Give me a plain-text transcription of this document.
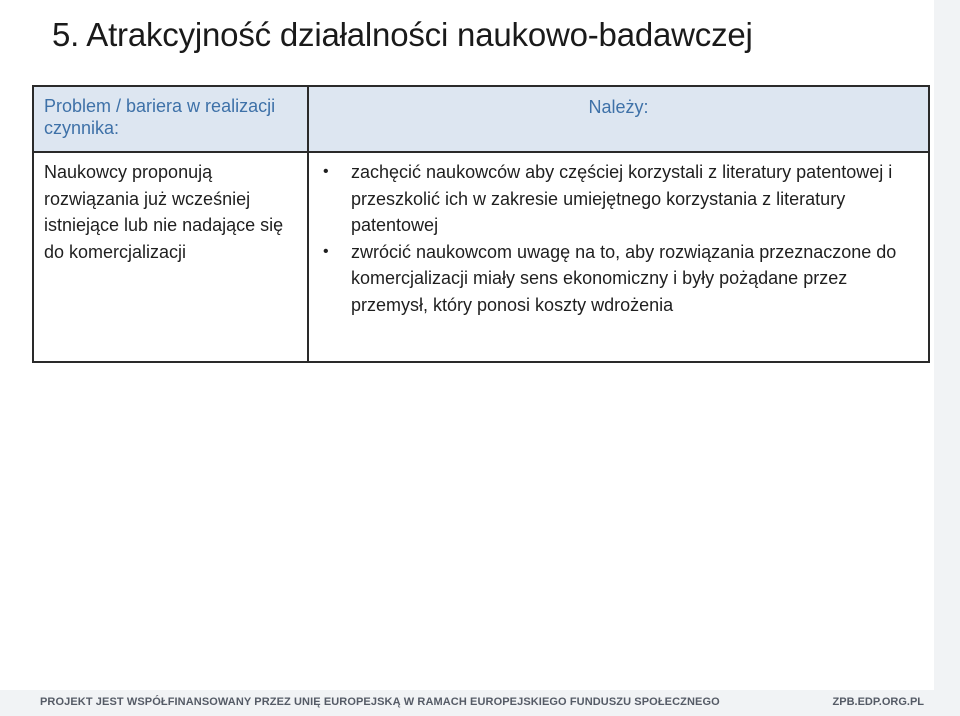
5. Atrakcyjność działalności naukowo-badawczej
Problem / bariera w realizacji czynnika:
Należy:
Naukowcy proponują rozwiązania już wcześniej istniejące lub nie nadające się do komercjalizacji
• zachęcić naukowców aby częściej korzystali z literatury patentowej i przeszkolić ich w zakresie umiejętnego korzystania z literatury patentowej
• zwrócić naukowcom uwagę na to, aby rozwiązania przeznaczone do komercjalizacji miały sens ekonomiczny i były pożądane przez przemysł, który ponosi koszty wdrożenia
PROJEKT JEST WSPÓŁFINANSOWANY PRZEZ UNIĘ EUROPEJSKĄ W RAMACH EUROPEJSKIEGO FUNDUSZU SPOŁECZNEGO	ZPB.EDP.ORG.PL
